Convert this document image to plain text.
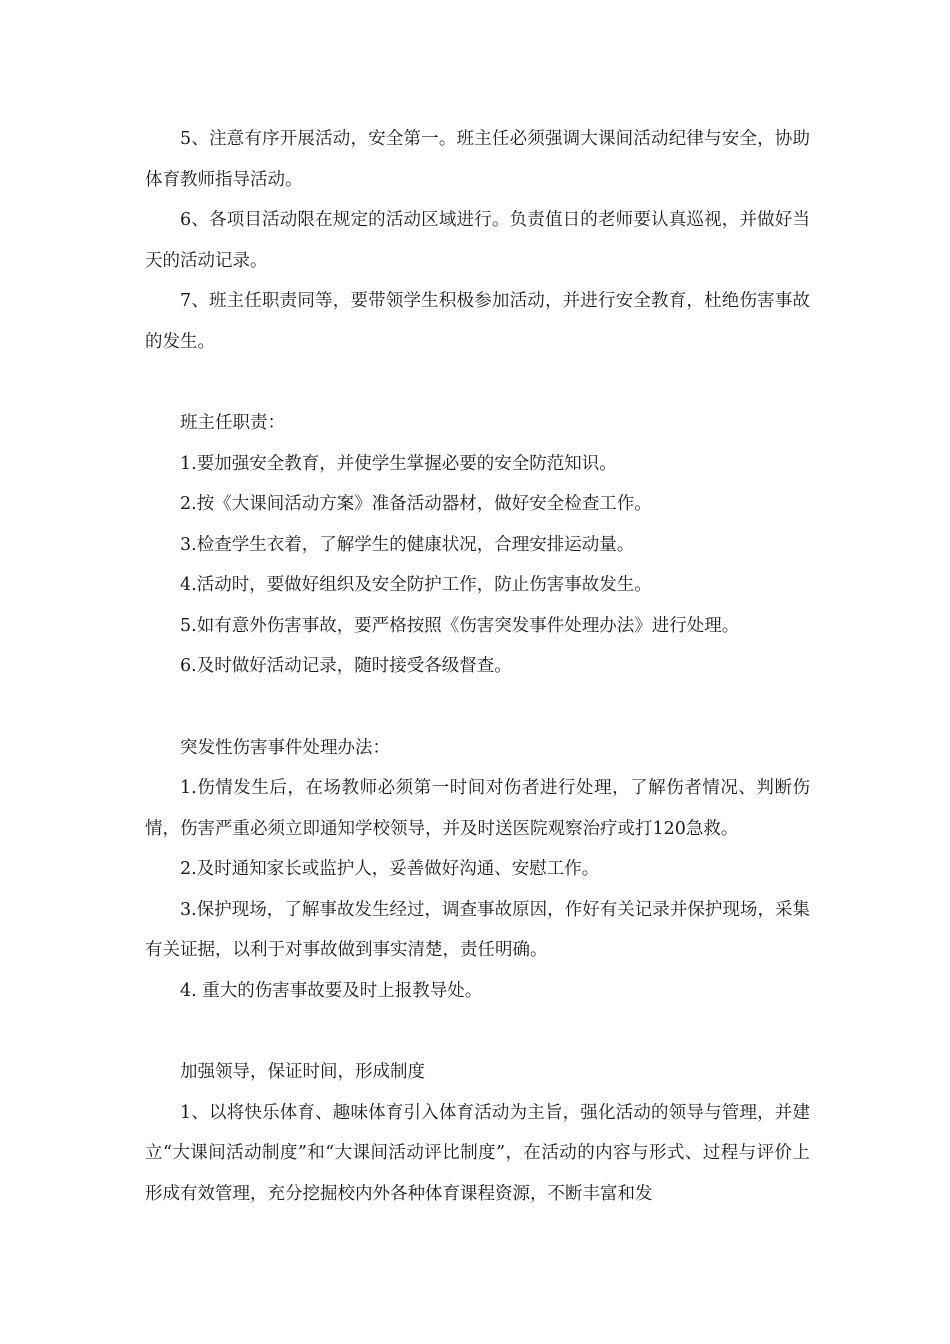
5、注意有序开展活动，安全第一。班主任必须强调大课间活动纪律与安全，协助体育教师指导活动。

6、各项目活动限在规定的活动区域进行。负责值日的老师要认真巡视，并做好当天的活动记录。

7、班主任职责同等，要带领学生积极参加活动，并进行安全教育，杜绝伤害事故的发生。

班主任职责：

1.要加强安全教育，并使学生掌握必要的安全防范知识。

2.按《大课间活动方案》准备活动器材，做好安全检查工作。

3.检查学生衣着，了解学生的健康状况，合理安排运动量。

4.活动时，要做好组织及安全防护工作，防止伤害事故发生。

5.如有意外伤害事故，要严格按照《伤害突发事件处理办法》进行处理。

6.及时做好活动记录，随时接受各级督查。

突发性伤害事件处理办法：

1.伤情发生后，在场教师必须第一时间对伤者进行处理，了解伤者情况、判断伤情，伤害严重必须立即通知学校领导，并及时送医院观察治疗或打120急救。

2.及时通知家长或监护人，妥善做好沟通、安慰工作。

3.保护现场，了解事故发生经过，调查事故原因，作好有关记录并保护现场，采集有关证据，以利于对事故做到事实清楚，责任明确。

4. 重大的伤害事故要及时上报教导处。

加强领导，保证时间，形成制度

1、以将快乐体育、趣味体育引入体育活动为主旨，强化活动的领导与管理，并建立“大课间活动制度”和“大课间活动评比制度”，在活动的内容与形式、过程与评价上形成有效管理，充分挖掘校内外各种体育课程资源，不断丰富和发
